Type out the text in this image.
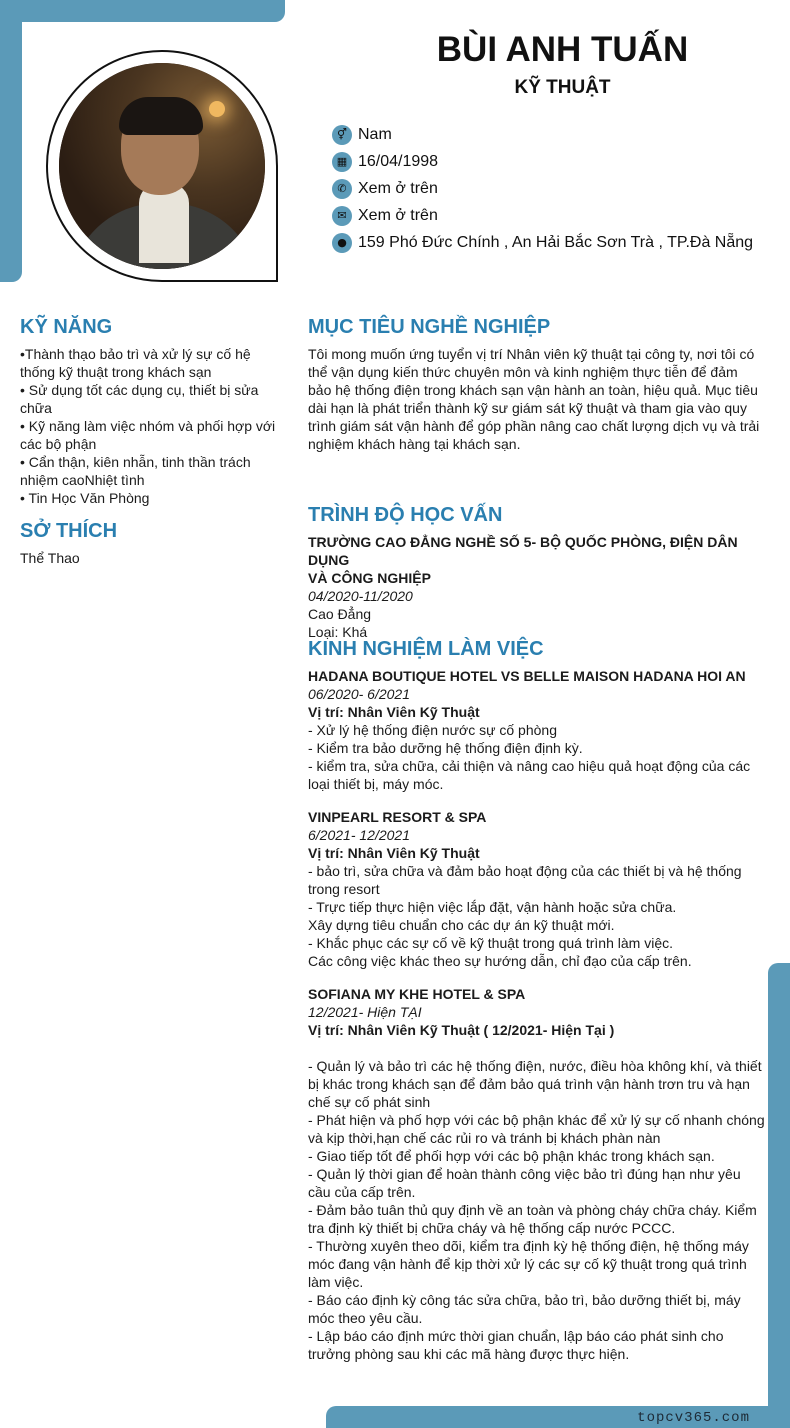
topcv365.com
BÙI ANH TUẤN
KỸ THUẬT
⚥ Nam
▦ 16/04/1998
✆ Xem ở trên
✉ Xem ở trên
● 159 Phó Đức Chính , An Hải Bắc Sơn Trà , TP.Đà Nẵng
KỸ NĂNG
•Thành thạo bảo trì và xử lý sự cố hệ
thống kỹ thuật trong khách sạn
• Sử dụng tốt các dụng cụ, thiết bị sửa
chữa
• Kỹ năng làm việc nhóm và phối hợp với
các bộ phận
• Cẩn thận, kiên nhẫn, tinh thần trách
nhiệm caoNhiệt tình
• Tin Học Văn Phòng
SỞ THÍCH
Thể Thao
MỤC TIÊU NGHỀ NGHIỆP
Tôi mong muốn ứng tuyển vị trí Nhân viên kỹ thuật tại công ty, nơi tôi có
thể vận dụng kiến thức chuyên môn và kinh nghiệm thực tiễn để đảm
bảo hệ thống điện trong khách sạn vận hành an toàn, hiệu quả. Mục tiêu
dài hạn là phát triển thành kỹ sư giám sát kỹ thuật và tham gia vào quy
trình giám sát vận hành để góp phần nâng cao chất lượng dịch vụ và trải
nghiệm khách hàng tại khách sạn.
TRÌNH ĐỘ HỌC VẤN
TRƯỜNG CAO ĐẲNG NGHỀ SỐ 5- BỘ QUỐC PHÒNG, ĐIỆN DÂN DỤNG
VÀ CÔNG NGHIỆP
04/2020-11/2020
Cao Đẳng
Loại: Khá
KINH NGHIỆM LÀM VIỆC
HADANA BOUTIQUE HOTEL VS BELLE MAISON HADANA HOI AN
06/2020- 6/2021
Vị trí: Nhân Viên Kỹ Thuật
- Xử lý hệ thống điện nước sự cố phòng
- Kiểm tra bảo dưỡng hệ thống điện định kỳ.
- kiểm tra, sửa chữa, cải thiện và nâng cao hiệu quả hoạt động của các
loại thiết bị, máy móc.
VINPEARL RESORT & SPA
6/2021- 12/2021
Vị trí: Nhân Viên Kỹ Thuật
- bảo trì, sửa chữa và đảm bảo hoạt động của các thiết bị và hệ thống
trong resort
- Trực tiếp thực hiện việc lắp đặt, vận hành hoặc sửa chữa.
Xây dựng tiêu chuẩn cho các dự án kỹ thuật mới.
- Khắc phục các sự cố về kỹ thuật trong quá trình làm việc.
Các công việc khác theo sự hướng dẫn, chỉ đạo của cấp trên.
SOFIANA MY KHE HOTEL & SPA
12/2021- Hiện TẠI
Vị trí: Nhân Viên Kỹ Thuật ( 12/2021- Hiện Tại )
- Quản lý và bảo trì các hệ thống điện, nước, điều hòa không khí, và thiết
bị khác trong khách sạn để đảm bảo quá trình vận hành trơn tru và hạn
chế sự cố phát sinh
- Phát hiện và phố hợp với các bộ phận khác để xử lý sự cố nhanh chóng
và kịp thời,hạn chế các rủi ro và tránh bị khách phàn nàn
- Giao tiếp tốt để phối hợp với các bộ phận khác trong khách sạn.
- Quản lý thời gian để hoàn thành công việc bảo trì đúng hạn như yêu
cầu của cấp trên.
- Đảm bảo tuân thủ quy định về an toàn và phòng cháy chữa cháy. Kiểm
tra định kỳ thiết bị chữa cháy và hệ thống cấp nước PCCC.
- Thường xuyên theo dõi, kiểm tra định kỳ hệ thống điện, hệ thống máy
móc đang vận hành để kịp thời xử lý các sự cố kỹ thuật trong quá trình
làm việc.
- Báo cáo định kỳ công tác sửa chữa, bảo trì, bảo dưỡng thiết bị, máy
móc theo yêu cầu.
- Lập báo cáo định mức thời gian chuẩn, lập báo cáo phát sinh cho
trưởng phòng sau khi các mã hàng được thực hiện.
